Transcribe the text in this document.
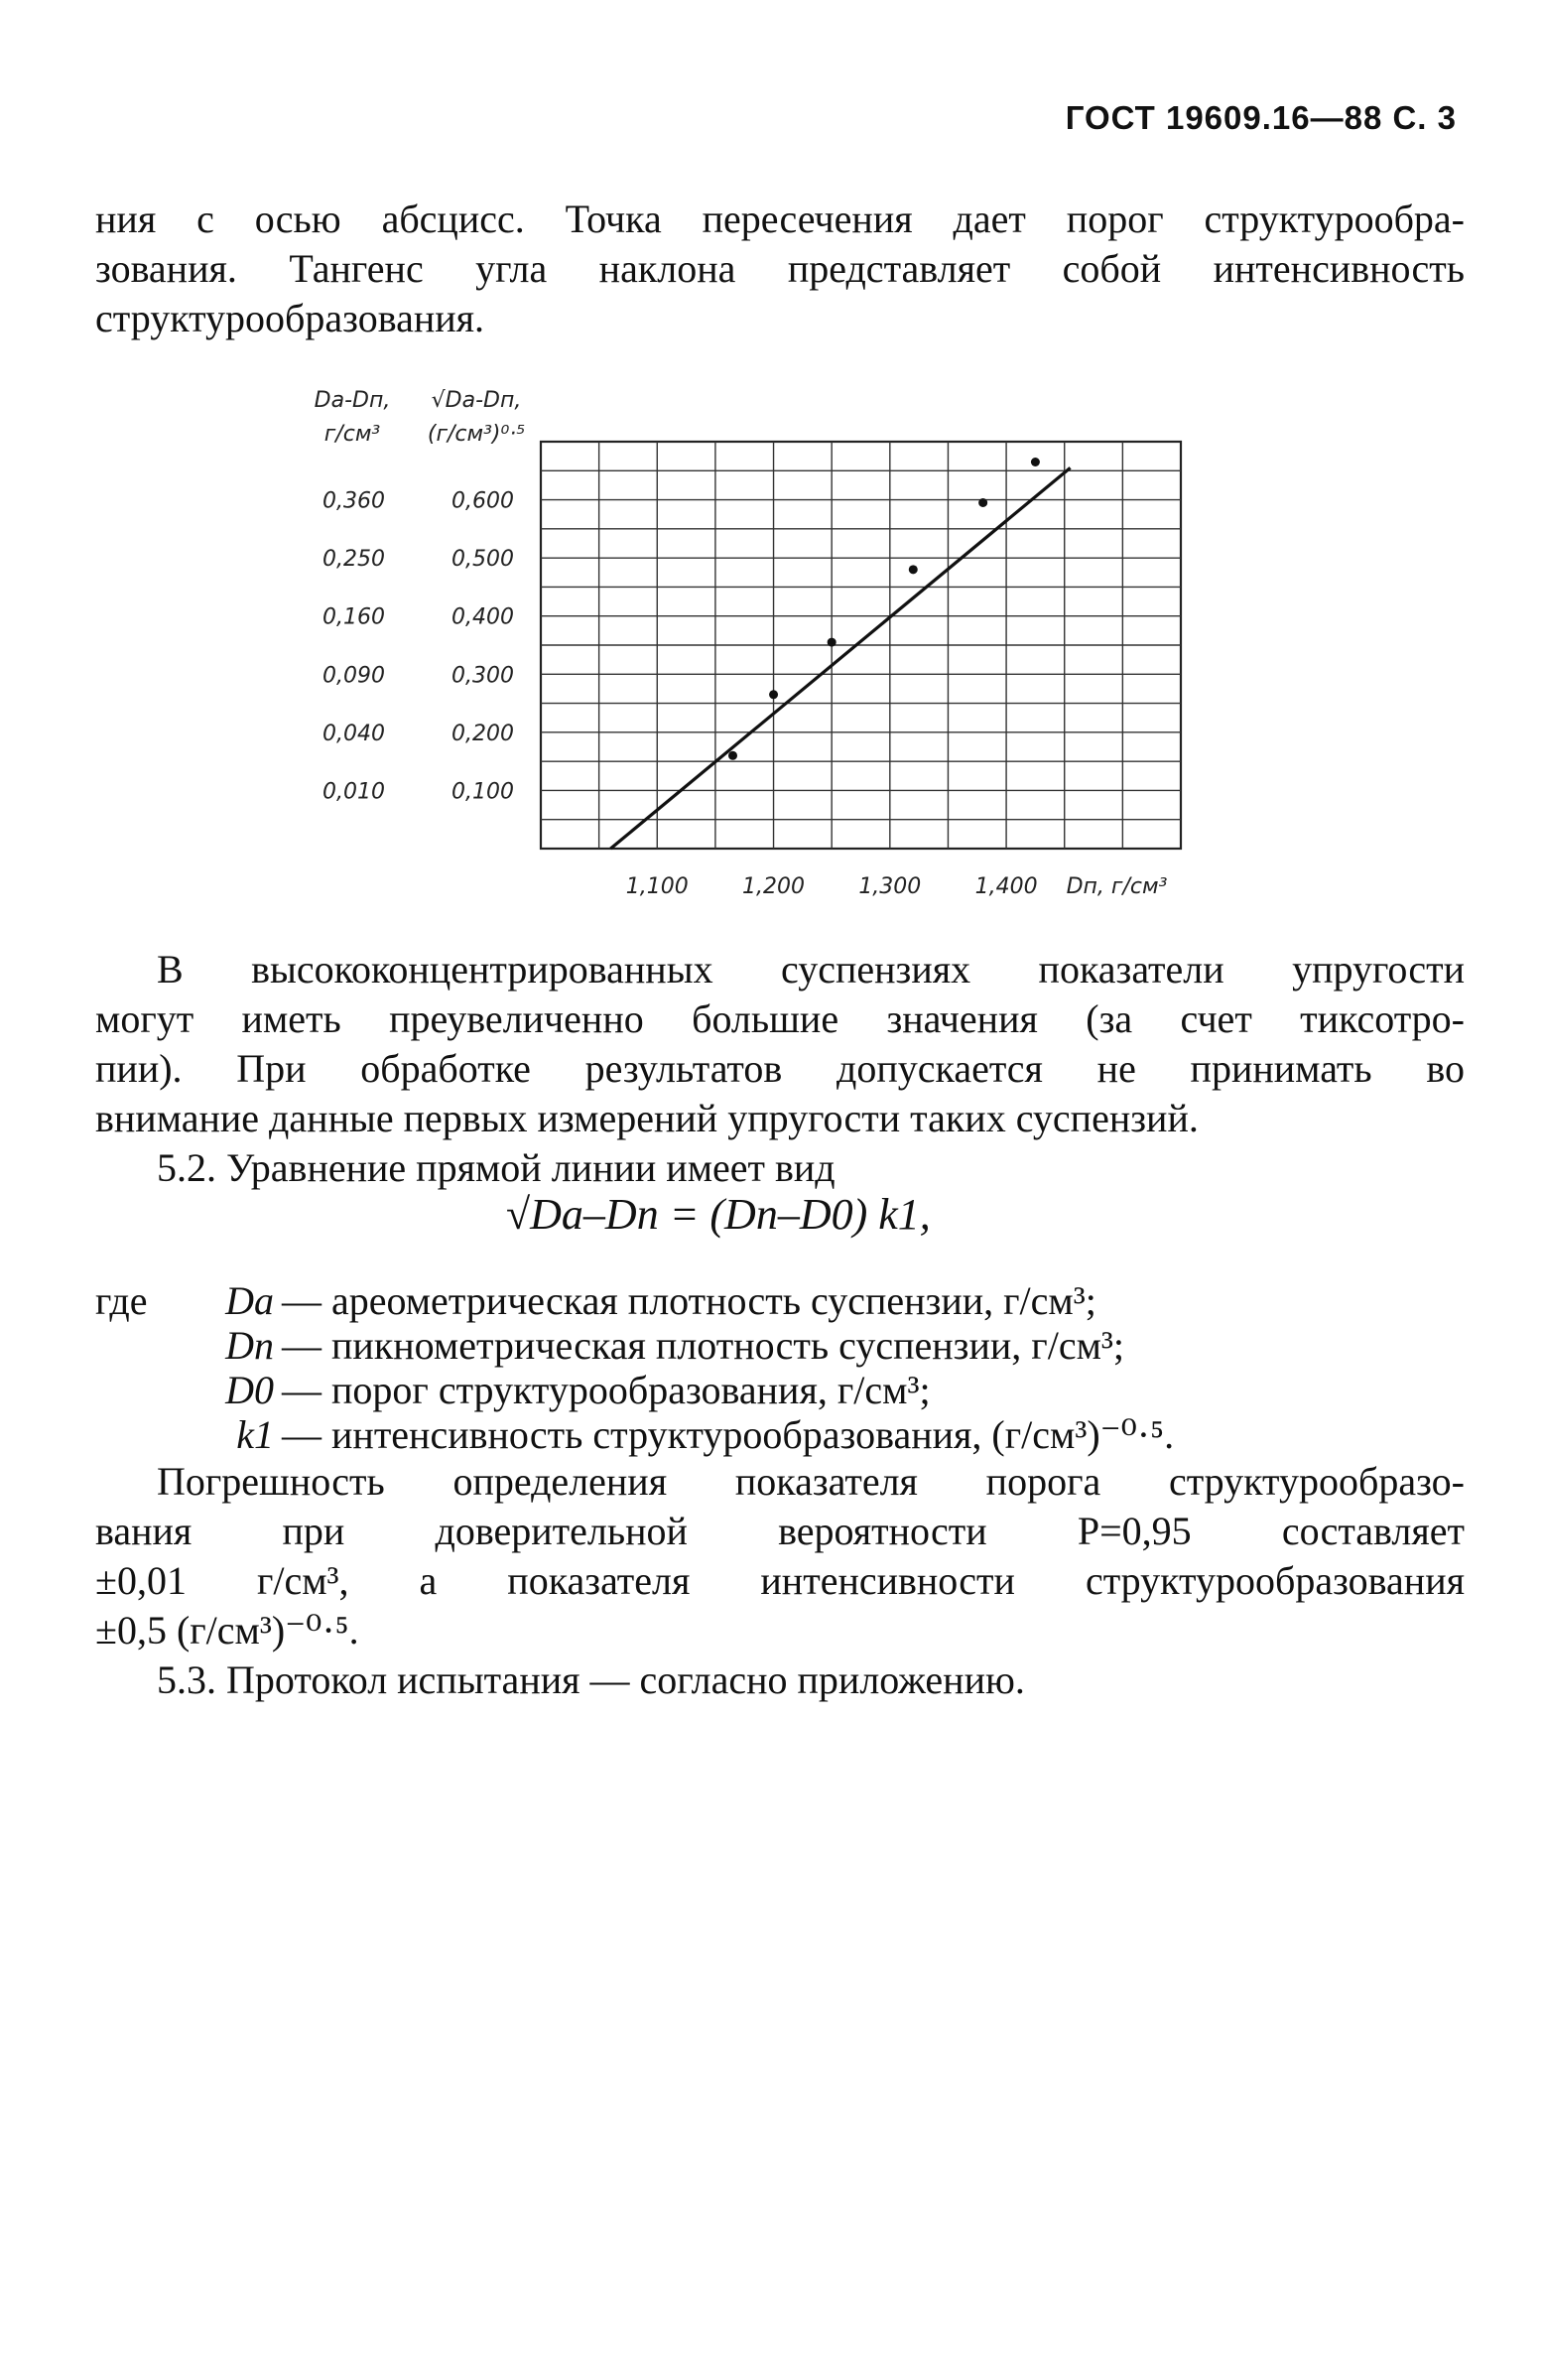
ГОСТ 19609.16—88 С. 3
ния с осью абсцисс. Точка пересечения дает порог структурообра-
зования. Тангенс угла наклона представляет собой интенсивность
структурообразования.
0,360	0,600
0,250	0,500
0,160	0,400
0,090	0,300
0,040	0,200
0,010	0,100
1,100 1,200 1,300 1,400 Dп, г/см³
Dа-Dп,
г/см³
√Dа-Dп,
(г/см³)⁰·⁵
В высококонцентрированных суспензиях показатели упругости
могут иметь преувеличенно большие значения (за счет тиксотро-
пии). При обработке результатов допускается не принимать во
внимание данные первых измерений упругости таких суспензий.
5.2. Уравнение прямой линии имеет вид
√Dа–Dп = (Dп–D0) k1,
где	Dа — ареометрическая плотность суспензии, г/см³;
Dп — пикнометрическая плотность суспензии, г/см³;
D0 — порог структурообразования, г/см³;
k1 — интенсивность структурообразования, (г/см³)⁻⁰·⁵.
Погрешность определения показателя порога структурообразо-
вания при доверительной вероятности Р=0,95 составляет
±0,01 г/см³, а показателя интенсивности структурообразования
±0,5 (г/см³)⁻⁰·⁵.
5.3. Протокол испытания — согласно приложению.
